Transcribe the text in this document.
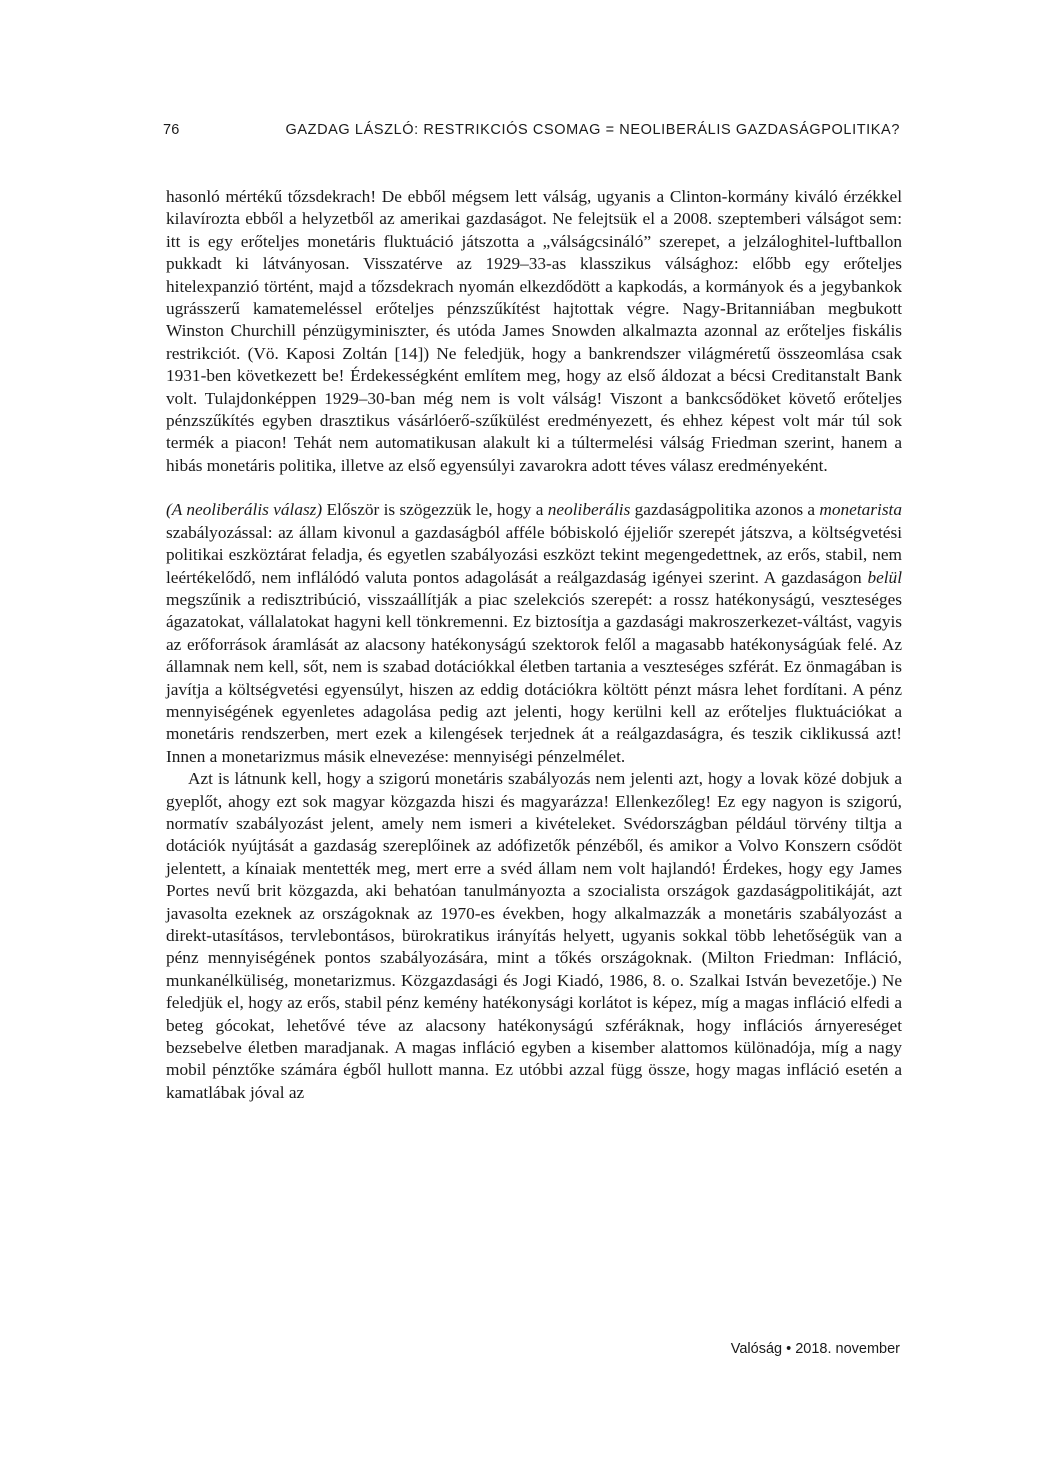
76	GAZDAG LÁSZLÓ: RESTRIKCIÓS CSOMAG = NEOLIBERÁLIS GAZDASÁGPOLITIKA?

hasonló mértékű tőzsdekrach! De ebből mégsem lett válság, ugyanis a Clinton-kormány kiváló érzékkel kilavírozta ebből a helyzetből az amerikai gazdaságot. Ne felejtsük el a 2008. szeptemberi válságot sem: itt is egy erőteljes monetáris fluktuáció játszotta a „válságcsináló” szerepet, a jelzáloghitel-luftballon pukkadt ki látványosan. Visszatérve az 1929–33-as klasszikus válsághoz: előbb egy erőteljes hitelexpanzió történt, majd a tőzsdekrach nyomán elkezdődött a kapkodás, a kormányok és a jegybankok ugrásszerű kamatemeléssel erőteljes pénzszűkítést hajtottak végre. Nagy-Britanniában megbukott Winston Churchill pénzügyminiszter, és utóda James Snowden alkalmazta azonnal az erőteljes fiskális restrikciót. (Vö. Kaposi Zoltán [14]) Ne feledjük, hogy a bankrendszer világméretű összeomlása csak 1931-ben következett be! Érdekességként említem meg, hogy az első áldozat a bécsi Creditanstalt Bank volt. Tulajdonképpen 1929–30-ban még nem is volt válság! Viszont a bankcsődöket követő erőteljes pénzszűkítés egyben drasztikus vásárlóerő-szűkülést eredményezett, és ehhez képest volt már túl sok termék a piacon! Tehát nem automatikusan alakult ki a túltermelési válság Friedman szerint, hanem a hibás monetáris politika, illetve az első egyensúlyi zavarokra adott téves válasz eredményeként.

(A neoliberális válasz) Először is szögezzük le, hogy a neoliberális gazdaságpolitika azonos a monetarista szabályozással: az állam kivonul a gazdaságból afféle bóbiskoló éjjeliőr szerepét játszva, a költségvetési politikai eszköztárat feladja, és egyetlen szabályozási eszközt tekint megengedettnek, az erős, stabil, nem leértékelődő, nem inflálódó valuta pontos adagolását a reálgazdaság igényei szerint. A gazdaságon belül megszűnik a redisztribúció, visszaállítják a piac szelekciós szerepét: a rossz hatékonyságú, veszteséges ágazatokat, vállalatokat hagyni kell tönkremenni. Ez biztosítja a gazdasági makroszerkezet-váltást, vagyis az erőforrások áramlását az alacsony hatékonyságú szektorok felől a magasabb hatékonyságúak felé. Az államnak nem kell, sőt, nem is szabad dotációkkal életben tartania a veszteséges szférát. Ez önmagában is javítja a költségvetési egyensúlyt, hiszen az eddig dotációkra költött pénzt másra lehet fordítani. A pénz mennyiségének egyenletes adagolása pedig azt jelenti, hogy kerülni kell az erőteljes fluktuációkat a monetáris rendszerben, mert ezek a kilengések terjednek át a reálgazdaságra, és teszik ciklikussá azt! Innen a monetarizmus másik elnevezése: mennyiségi pénzelmélet.

Azt is látnunk kell, hogy a szigorú monetáris szabályozás nem jelenti azt, hogy a lovak közé dobjuk a gyeplőt, ahogy ezt sok magyar közgazda hiszi és magyarázza! Ellenkezőleg! Ez egy nagyon is szigorú, normatív szabályozást jelent, amely nem ismeri a kivételeket. Svédországban például törvény tiltja a dotációk nyújtását a gazdaság szereplőinek az adófizetők pénzéből, és amikor a Volvo Konszern csődöt jelentett, a kínaiak mentették meg, mert erre a svéd állam nem volt hajlandó! Érdekes, hogy egy James Portes nevű brit közgazda, aki behatóan tanulmányozta a szocialista országok gazdaságpolitikáját, azt javasolta ezeknek az országoknak az 1970-es években, hogy alkalmazzák a monetáris szabályozást a direkt-utasításos, tervlebontásos, bürokratikus irányítás helyett, ugyanis sokkal több lehetőségük van a pénz mennyiségének pontos szabályozására, mint a tőkés országoknak. (Milton Friedman: Infláció, munkanélküliség, monetarizmus. Közgazdasági és Jogi Kiadó, 1986, 8. o. Szalkai István bevezetője.) Ne feledjük el, hogy az erős, stabil pénz kemény hatékonysági korlátot is képez, míg a magas infláció elfedi a beteg gócokat, lehetővé téve az alacsony hatékonyságú szféráknak, hogy inflációs árnyereséget bezsebelve életben maradjanak. A magas infláció egyben a kisember alattomos különadója, míg a nagy mobil pénztőke számára égből hullott manna. Ez utóbbi azzal függ össze, hogy magas infláció esetén a kamatlábak jóval az

Valóság • 2018. november
